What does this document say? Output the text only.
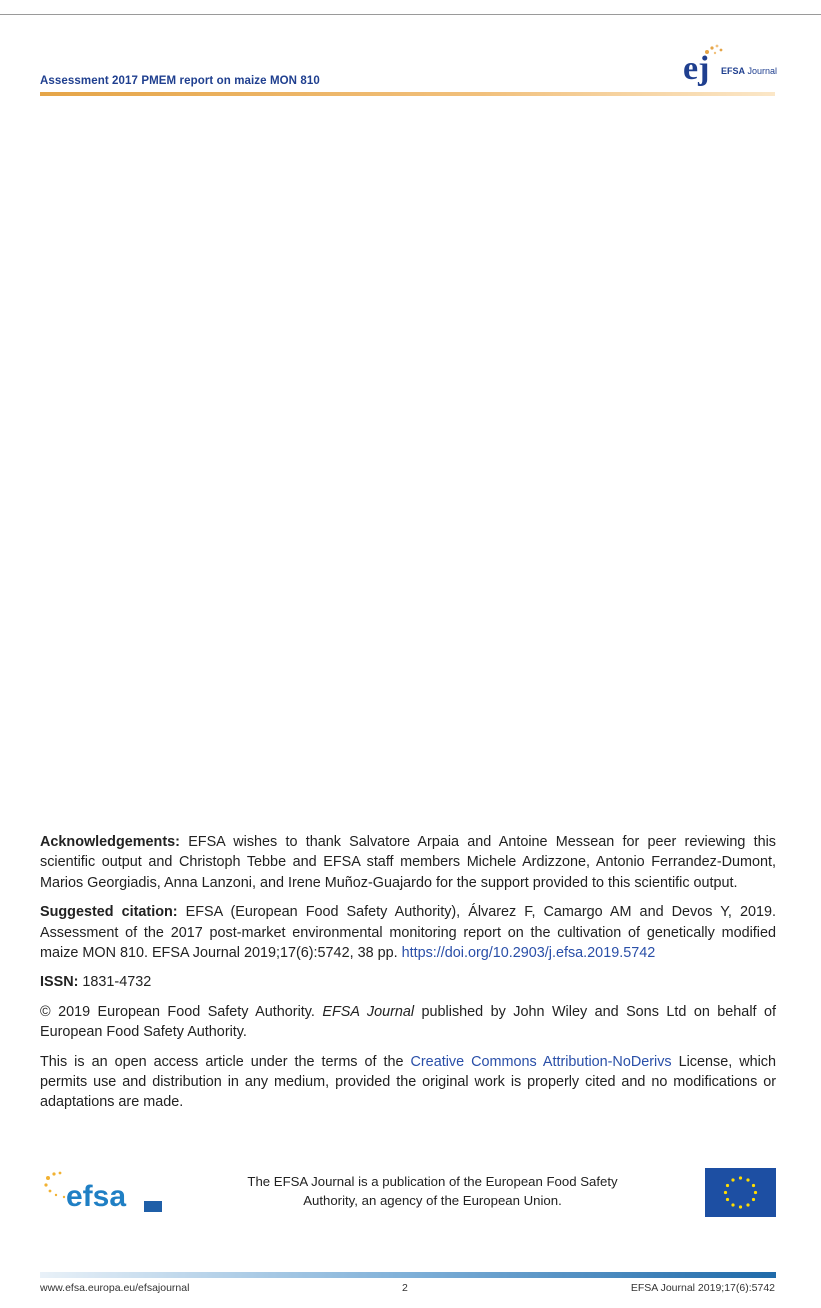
Assessment 2017 PMEM report on maize MON 810	ej EFSA Journal

Acknowledgements: EFSA wishes to thank Salvatore Arpaia and Antoine Messean for peer reviewing this scientific output and Christoph Tebbe and EFSA staff members Michele Ardizzone, Antonio Ferrandez-Dumont, Marios Georgiadis, Anna Lanzoni, and Irene Muñoz-Guajardo for the support provided to this scientific output.

Suggested citation: EFSA (European Food Safety Authority), Álvarez F, Camargo AM and Devos Y, 2019. Assessment of the 2017 post-market environmental monitoring report on the cultivation of genetically modified maize MON 810. EFSA Journal 2019;17(6):5742, 38 pp. https://doi.org/10.2903/j.efsa.2019.5742

ISSN: 1831-4732

© 2019 European Food Safety Authority. EFSA Journal published by John Wiley and Sons Ltd on behalf of European Food Safety Authority.

This is an open access article under the terms of the Creative Commons Attribution-NoDerivs License, which permits use and distribution in any medium, provided the original work is properly cited and no modifications or adaptations are made.

efsa	The EFSA Journal is a publication of the European Food Safety Authority, an agency of the European Union.
www.efsa.europa.eu/efsajournal	2	EFSA Journal 2019;17(6):5742
